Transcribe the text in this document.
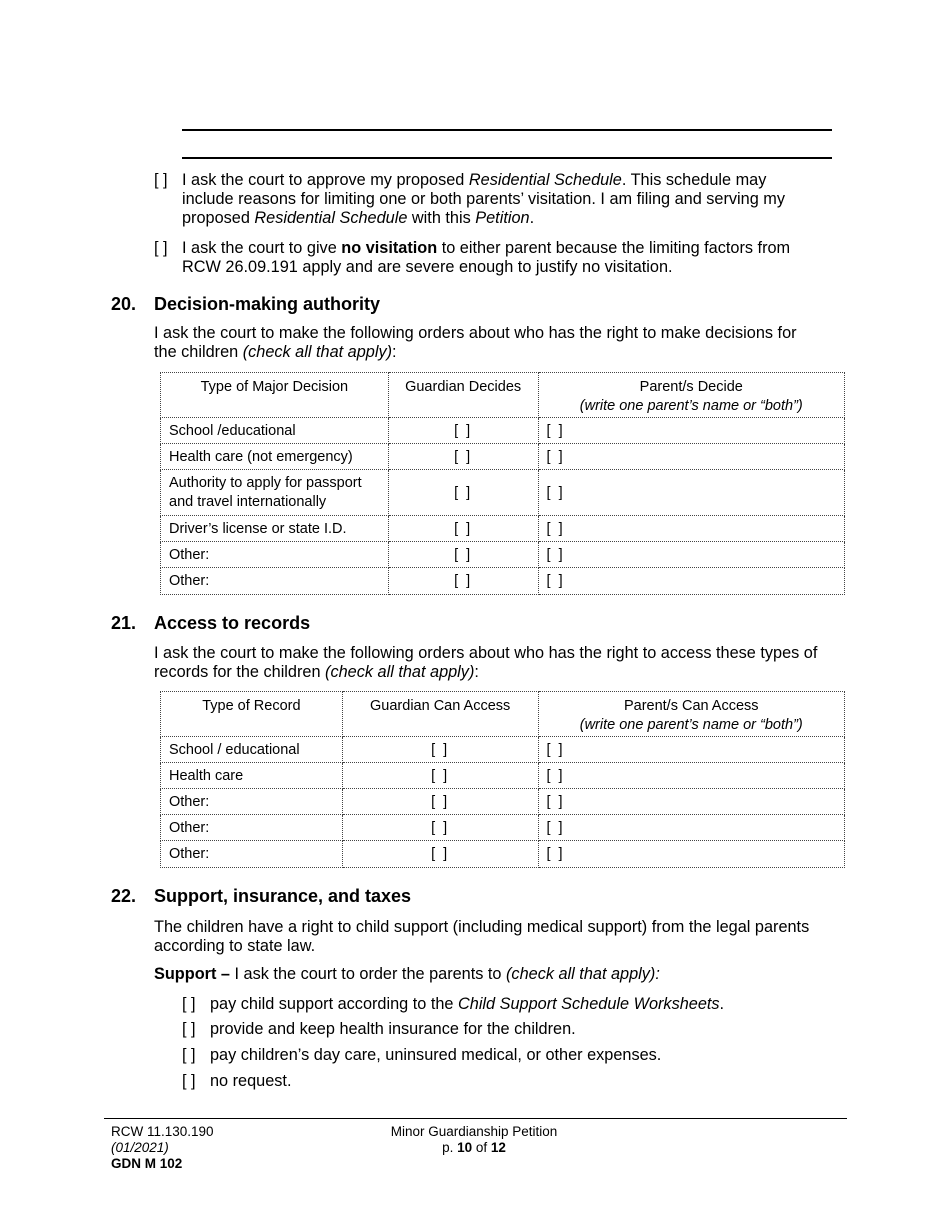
[ ] I ask the court to approve my proposed Residential Schedule. This schedule may
include reasons for limiting one or both parents’ visitation. I am filing and serving my
proposed Residential Schedule with this Petition.
[ ] I ask the court to give no visitation to either parent because the limiting factors from
RCW 26.09.191 apply and are severe enough to justify no visitation.
20. Decision-making authority
I ask the court to make the following orders about who has the right to make decisions for
the children (check all that apply):
Type of Major Decision	Guardian Decides	Parent/s Decide
(write one parent’s name or “both”)

School /educational	[ ]	[ ]
Health care (not emergency)	[ ]	[ ]

Authority to apply for passport
and travel internationally	[ ]	[ ]
Driver’s license or state I.D.	[ ]	[ ]
Other:	[ ]	[ ]
Other:	[ ]	[ ]
21. Access to records
I ask the court to make the following orders about who has the right to access these types of
records for the children (check all that apply):
Type of Record	Guardian Can Access	Parent/s Can Access
(write one parent’s name or “both”)

School / educational	[ ]	[ ]
Health care	[ ]	[ ]
Other:	[ ]	[ ]
Other:	[ ]	[ ]
Other:	[ ]	[ ]
22. Support, insurance, and taxes
The children have a right to child support (including medical support) from the legal parents
according to state law.
Support – I ask the court to order the parents to (check all that apply):
[ ] pay child support according to the Child Support Schedule Worksheets.
[ ] provide and keep health insurance for the children.
[ ] pay children’s day care, uninsured medical, or other expenses.
[ ] no request.
RCW 11.130.190
(01/2021)
GDN M 102
Minor Guardianship Petition
p. 10 of 12
